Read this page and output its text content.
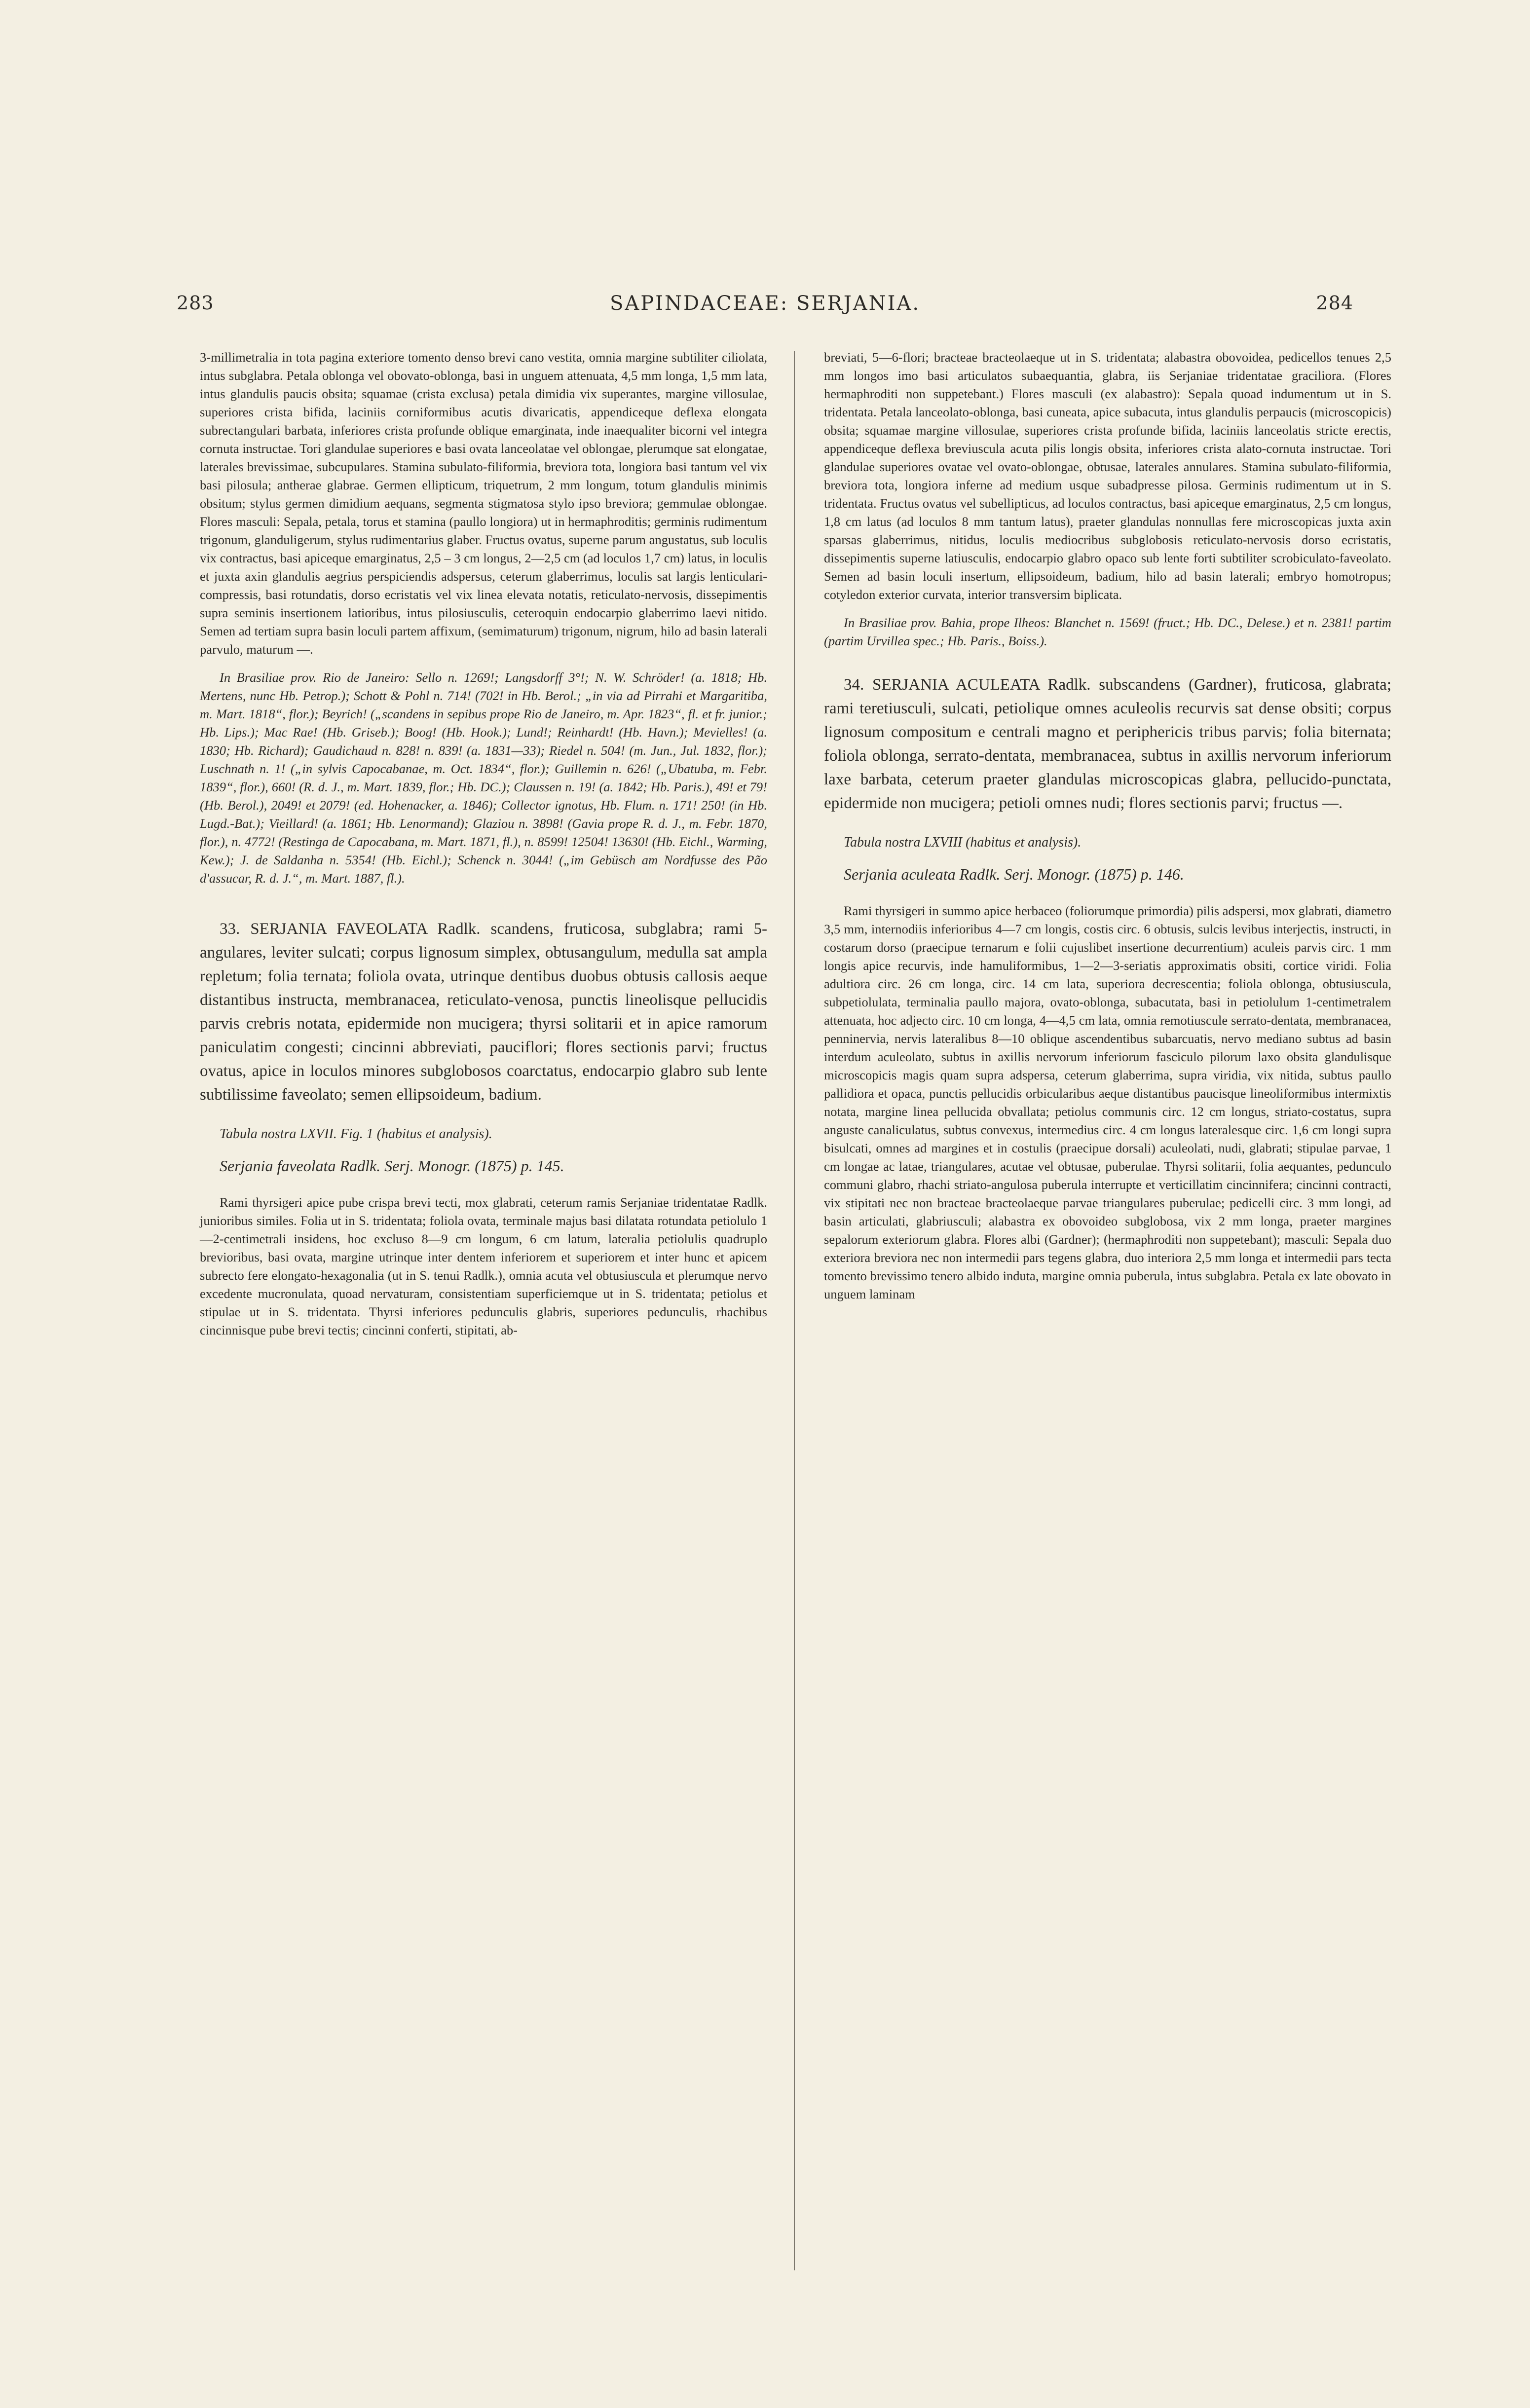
283	SAPINDACEAE: SERJANIA.	284

3-millimetralia in tota pagina exteriore tomento denso brevi cano vestita, omnia margine subtiliter ciliolata, intus subglabra. Petala oblonga vel obovato-oblonga, basi in unguem attenuata, 4,5 mm longa, 1,5 mm lata, intus glandulis paucis obsita; squamae (crista exclusa) petala dimidia vix superantes, margine villosulae, superiores crista bifida, laciniis corniformibus acutis divaricatis, appendiceque deflexa elongata subrectangulari barbata, inferiores crista profunde oblique emarginata, inde inaequaliter bicorni vel integra cornuta instructae. Tori glandulae superiores e basi ovata lanceolatae vel oblongae, plerumque sat elongatae, laterales brevissimae, subcupulares. Stamina subulato-filiformia, breviora tota, longiora basi tantum vel vix basi pilosula; antherae glabrae. Germen ellipticum, triquetrum, 2 mm longum, totum glandulis minimis obsitum; stylus germen dimidium aequans, segmenta stigmatosa stylo ipso breviora; gemmulae oblongae. Flores masculi: Sepala, petala, torus et stamina (paullo longiora) ut in hermaphroditis; germinis rudimentum trigonum, glanduligerum, stylus rudimentarius glaber. Fructus ovatus, superne parum angustatus, sub loculis vix contractus, basi apiceque emarginatus, 2,5 – 3 cm longus, 2—2,5 cm (ad loculos 1,7 cm) latus, in loculis et juxta axin glandulis aegrius perspiciendis adspersus, ceterum glaberrimus, loculis sat largis lenticulari-compressis, basi rotundatis, dorso ecristatis vel vix linea elevata notatis, reticulato-nervosis, dissepimentis supra seminis insertionem latioribus, intus pilosiusculis, ceteroquin endocarpio glaberrimo laevi nitido. Semen ad tertiam supra basin loculi partem affixum, (semimaturum) trigonum, nigrum, hilo ad basin laterali parvulo, maturum —.

In Brasiliae prov. Rio de Janeiro: Sello n. 1269!; Langsdorff 3°!; N. W. Schröder! (a. 1818; Hb. Mertens, nunc Hb. Petrop.); Schott & Pohl n. 714! (702! in Hb. Berol.; „in via ad Pirrahi et Margaritiba, m. Mart. 1818“, flor.); Beyrich! („scandens in sepibus prope Rio de Janeiro, m. Apr. 1823“, fl. et fr. junior.; Hb. Lips.); Mac Rae! (Hb. Griseb.); Boog! (Hb. Hook.); Lund!; Reinhardt! (Hb. Havn.); Mevielles! (a. 1830; Hb. Richard); Gaudichaud n. 828! n. 839! (a. 1831—33); Riedel n. 504! (m. Jun., Jul. 1832, flor.); Luschnath n. 1! („in sylvis Capocabanae, m. Oct. 1834“, flor.); Guillemin n. 626! („Ubatuba, m. Febr. 1839“, flor.), 660! (R. d. J., m. Mart. 1839, flor.; Hb. DC.); Claussen n. 19! (a. 1842; Hb. Paris.), 49! et 79! (Hb. Berol.), 2049! et 2079! (ed. Hohenacker, a. 1846); Collector ignotus, Hb. Flum. n. 171! 250! (in Hb. Lugd.-Bat.); Vieillard! (a. 1861; Hb. Lenormand); Glaziou n. 3898! (Gavia prope R. d. J., m. Febr. 1870, flor.), n. 4772! (Restinga de Capocabana, m. Mart. 1871, fl.), n. 8599! 12504! 13630! (Hb. Eichl., Warming, Kew.); J. de Saldanha n. 5354! (Hb. Eichl.); Schenck n. 3044! („im Gebüsch am Nordfusse des Pão d'assucar, R. d. J.“, m. Mart. 1887, fl.).

33. SERJANIA FAVEOLATA Radlk. scandens, fruticosa, subglabra; rami 5-angulares, leviter sulcati; corpus lignosum simplex, obtusangulum, medulla sat ampla repletum; folia ternata; foliola ovata, utrinque dentibus duobus obtusis callosis aeque distantibus instructa, membranacea, reticulato-venosa, punctis lineolisque pellucidis parvis crebris notata, epidermide non mucigera; thyrsi solitarii et in apice ramorum paniculatim congesti; cincinni abbreviati, pauciflori; flores sectionis parvi; fructus ovatus, apice in loculos minores subglobosos coarctatus, endocarpio glabro sub lente subtilissime faveolato; semen ellipsoideum, badium.

Tabula nostra LXVII. Fig. 1 (habitus et analysis).

Serjania faveolata Radlk. Serj. Monogr. (1875) p. 145.

Rami thyrsigeri apice pube crispa brevi tecti, mox glabrati, ceterum ramis Serjaniae tridentatae Radlk. junioribus similes. Folia ut in S. tridentata; foliola ovata, terminale majus basi dilatata rotundata petiolulo 1—2-centimetrali insidens, hoc excluso 8—9 cm longum, 6 cm latum, lateralia petiolulis quadruplo brevioribus, basi ovata, margine utrinque inter dentem inferiorem et superiorem et inter hunc et apicem subrecto fere elongato-hexagonalia (ut in S. tenui Radlk.), omnia acuta vel obtusiuscula et plerumque nervo excedente mucronulata, quoad nervaturam, consistentiam superficiemque ut in S. tridentata; petiolus et stipulae ut in S. tridentata. Thyrsi inferiores pedunculis glabris, superiores pedunculis, rhachibus cincinnisque pube brevi tectis; cincinni conferti, stipitati, ab-

breviati, 5—6-flori; bracteae bracteolaeque ut in S. tridentata; alabastra obovoidea, pedicellos tenues 2,5 mm longos imo basi articulatos subaequantia, glabra, iis Serjaniae tridentatae graciliora. (Flores hermaphroditi non suppetebant.) Flores masculi (ex alabastro): Sepala quoad indumentum ut in S. tridentata. Petala lanceolato-oblonga, basi cuneata, apice subacuta, intus glandulis perpaucis (microscopicis) obsita; squamae margine villosulae, superiores crista profunde bifida, laciniis lanceolatis stricte erectis, appendiceque deflexa breviuscula acuta pilis longis obsita, inferiores crista alato-cornuta instructae. Tori glandulae superiores ovatae vel ovato-oblongae, obtusae, laterales annulares. Stamina subulato-filiformia, breviora tota, longiora inferne ad medium usque subadpresse pilosa. Germinis rudimentum ut in S. tridentata. Fructus ovatus vel subellipticus, ad loculos contractus, basi apiceque emarginatus, 2,5 cm longus, 1,8 cm latus (ad loculos 8 mm tantum latus), praeter glandulas nonnullas fere microscopicas juxta axin sparsas glaberrimus, nitidus, loculis mediocribus subglobosis reticulato-nervosis dorso ecristatis, dissepimentis superne latiusculis, endocarpio glabro opaco sub lente forti subtiliter scrobiculato-faveolato. Semen ad basin loculi insertum, ellipsoideum, badium, hilo ad basin laterali; embryo homotropus; cotyledon exterior curvata, interior transversim biplicata.

In Brasiliae prov. Bahia, prope Ilheos: Blanchet n. 1569! (fruct.; Hb. DC., Delese.) et n. 2381! partim (partim Urvillea spec.; Hb. Paris., Boiss.).

34. SERJANIA ACULEATA Radlk. subscandens (Gardner), fruticosa, glabrata; rami teretiusculi, sulcati, petiolique omnes aculeolis recurvis sat dense obsiti; corpus lignosum compositum e centrali magno et periphericis tribus parvis; folia biternata; foliola oblonga, serrato-dentata, membranacea, subtus in axillis nervorum inferiorum laxe barbata, ceterum praeter glandulas microscopicas glabra, pellucido-punctata, epidermide non mucigera; petioli omnes nudi; flores sectionis parvi; fructus —.

Tabula nostra LXVIII (habitus et analysis).

Serjania aculeata Radlk. Serj. Monogr. (1875) p. 146.

Rami thyrsigeri in summo apice herbaceo (foliorumque primordia) pilis adspersi, mox glabrati, diametro 3,5 mm, internodiis inferioribus 4—7 cm longis, costis circ. 6 obtusis, sulcis levibus interjectis, instructi, in costarum dorso (praecipue ternarum e folii cujuslibet insertione decurrentium) aculeis parvis circ. 1 mm longis apice recurvis, inde hamuliformibus, 1—2—3-seriatis approximatis obsiti, cortice viridi. Folia adultiora circ. 26 cm longa, circ. 14 cm lata, superiora decrescentia; foliola oblonga, obtusiuscula, subpetiolulata, terminalia paullo majora, ovato-oblonga, subacutata, basi in petiolulum 1-centimetralem attenuata, hoc adjecto circ. 10 cm longa, 4—4,5 cm lata, omnia remotiuscule serrato-dentata, membranacea, penninervia, nervis lateralibus 8—10 oblique ascendentibus subarcuatis, nervo mediano subtus ad basin interdum aculeolato, subtus in axillis nervorum inferiorum fasciculo pilorum laxo obsita glandulisque microscopicis magis quam supra adspersa, ceterum glaberrima, supra viridia, vix nitida, subtus paullo pallidiora et opaca, punctis pellucidis orbicularibus aeque distantibus paucisque lineoliformibus intermixtis notata, margine linea pellucida obvallata; petiolus communis circ. 12 cm longus, striato-costatus, supra anguste canaliculatus, subtus convexus, intermedius circ. 4 cm longus lateralesque circ. 1,6 cm longi supra bisulcati, omnes ad margines et in costulis (praecipue dorsali) aculeolati, nudi, glabrati; stipulae parvae, 1 cm longae ac latae, triangulares, acutae vel obtusae, puberulae. Thyrsi solitarii, folia aequantes, pedunculo communi glabro, rhachi striato-angulosa puberula interrupte et verticillatim cincinnifera; cincinni contracti, vix stipitati nec non bracteae bracteolaeque parvae triangulares puberulae; pedicelli circ. 3 mm longi, ad basin articulati, glabriusculi; alabastra ex obovoideo subglobosa, vix 2 mm longa, praeter margines sepalorum exteriorum glabra. Flores albi (Gardner); (hermaphroditi non suppetebant); masculi: Sepala duo exteriora breviora nec non intermedii pars tegens glabra, duo interiora 2,5 mm longa et intermedii pars tecta tomento brevissimo tenero albido induta, margine omnia puberula, intus subglabra. Petala ex late obovato in unguem laminam
